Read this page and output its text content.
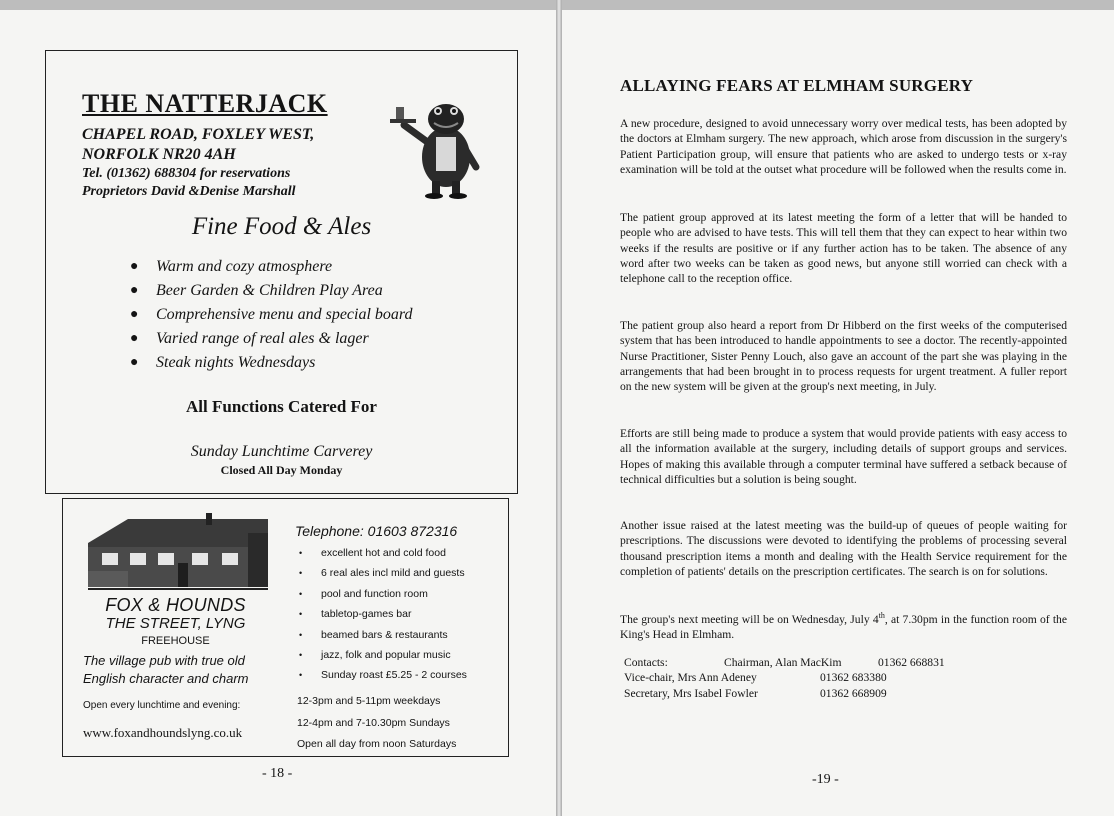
THE NATTERJACK
CHAPEL ROAD, FOXLEY WEST,
NORFOLK NR20 4AH
Tel. (01362) 688304 for reservations
Proprietors David &Denise Marshall
Fine Food & Ales
● Warm and cozy atmosphere
● Beer Garden & Children Play Area
● Comprehensive menu and special board
● Varied range of real ales & lager
● Steak nights Wednesdays
All Functions Catered For
Sunday Lunchtime Carverey
Closed All Day Monday
FOX & HOUNDS
THE STREET, LYNG
FREEHOUSE
The village pub with true old
English character and charm
Open every lunchtime and evening:
www.foxandhoundslyng.co.uk
Telephone: 01603 872316
• excellent hot and cold food
• 6 real ales incl mild and guests
• pool and function room
• tabletop-games bar
• beamed bars & restaurants
• jazz, folk and popular music
• Sunday roast £5.25 - 2 courses
12-3pm and 5-11pm weekdays
12-4pm and 7-10.30pm Sundays
Open all day from noon Saturdays
- 18 -
ALLAYING FEARS AT ELMHAM SURGERY

A new procedure, designed to avoid unnecessary worry over medical tests, has been adopted by the doctors at Elmham surgery. The new approach, which arose from discussion in the surgery's Patient Participation group, will ensure that patients who are asked to undergo tests or x-ray examination will be told at the outset what procedure will be followed when the results come in.

The patient group approved at its latest meeting the form of a letter that will be handed to people who are advised to have tests. This will tell them that they can expect to hear within two weeks if the results are positive or if any further action has to be taken. The absence of any word after two weeks can be taken as good news, but anyone still worried can check with a telephone call to the reception office.

The patient group also heard a report from Dr Hibberd on the first weeks of the computerised system that has been introduced to handle appointments to see a doctor. The recently-appointed Nurse Practitioner, Sister Penny Louch, also gave an account of the part she was playing in the arrangements that had been brought in to process requests for urgent treatment. A fuller report on the new system will be given at the group's next meeting, in July.

Efforts are still being made to produce a system that would provide patients with easy access to all the information available at the surgery, including details of support groups and services. Hopes of making this available through a computer terminal have suffered a setback because of technical difficulties but a solution is being sought.

Another issue raised at the latest meeting was the build-up of queues of people waiting for prescriptions. The discussions were devoted to identifying the problems of processing several thousand prescription items a month and dealing with the Health Service requirement for the completion of patients' details on the prescription certificates. The search is on for solutions.

The group's next meeting will be on Wednesday, July 4th, at 7.30pm in the function room of the King's Head in Elmham.

Contacts:	Chairman, Alan MacKim	01362 668831
Vice-chair, Mrs Ann Adeney	01362 683380
Secretary, Mrs Isabel Fowler	01362 668909
-19 -
